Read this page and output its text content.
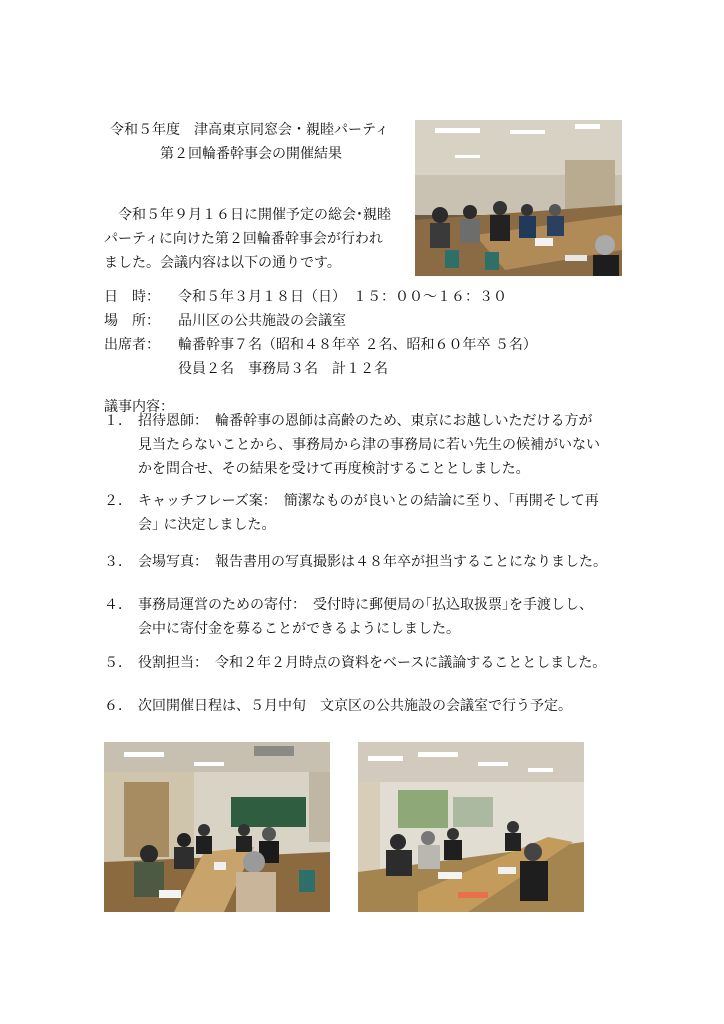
令和５年度　津高東京同窓会・親睦パーティ
第２回輪番幹事会の開催結果
令和５年９月１６日に開催予定の総会･親睦
パーティに向けた第２回輪番幹事会が行われ
ました。会議内容は以下の通りです。
日　時： 令和５年３月１８日（日）　１５：００〜１６：３０
場　所： 品川区の公共施設の会議室
出席者： 輪番幹事７名（昭和４８年卒 ２名、昭和６０年卒 ５名）
役員２名　事務局３名　計１２名
議事内容：
１． 招待恩師：　輪番幹事の恩師は高齢のため、東京にお越しいただける方が
見当たらないことから、事務局から津の事務局に若い先生の候補がいない
かを問合せ、その結果を受けて再度検討することとしました。
２． キャッチフレーズ案：　簡潔なものが良いとの結論に至り、｢再開そして再
会｣ に決定しました。
３． 会場写真：　報告書用の写真撮影は４８年卒が担当することになりました。
４． 事務局運営のための寄付：　受付時に郵便局の｢払込取扱票｣を手渡しし、
会中に寄付金を募ることができるようにしました。
５． 役割担当：　令和２年２月時点の資料をベースに議論することとしました。
６． 次回開催日程は、５月中旬　文京区の公共施設の会議室で行う予定。
